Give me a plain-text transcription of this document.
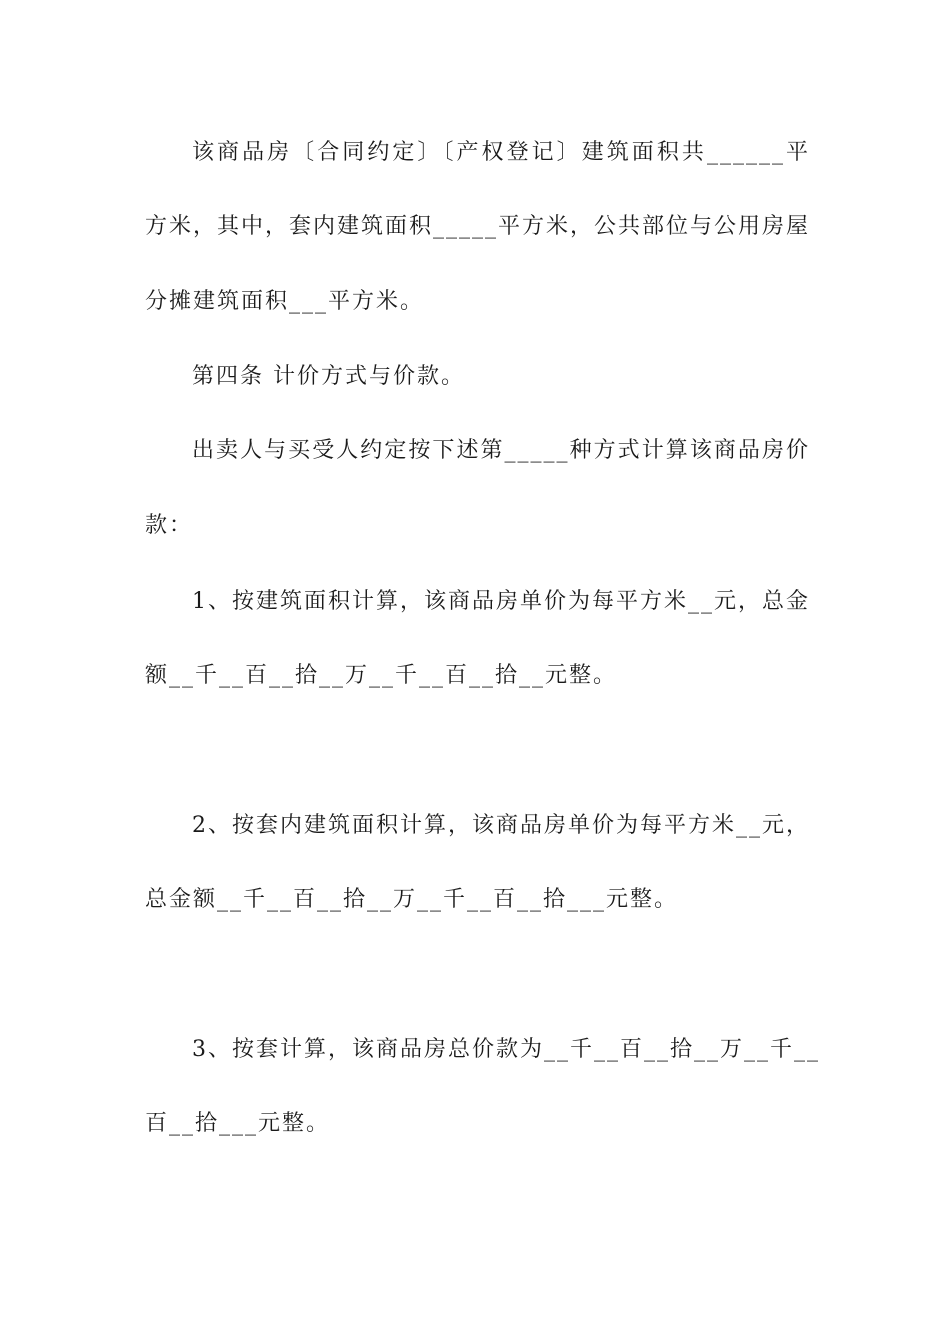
该商品房〔合同约定〕〔产权登记〕建筑面积共______平
方米，其中，套内建筑面积_____平方米，公共部位与公用房屋
分摊建筑面积___平方米。
第四条 计价方式与价款。
出卖人与买受人约定按下述第_____种方式计算该商品房价
款：
1、按建筑面积计算，该商品房单价为每平方米__元，总金
额__千__百__拾__万__千__百__拾__元整。
2、按套内建筑面积计算，该商品房单价为每平方米__元，
总金额__千__百__拾__万__千__百__拾___元整。
3、按套计算，该商品房总价款为__千__百__拾__万__千__
百__拾___元整。
